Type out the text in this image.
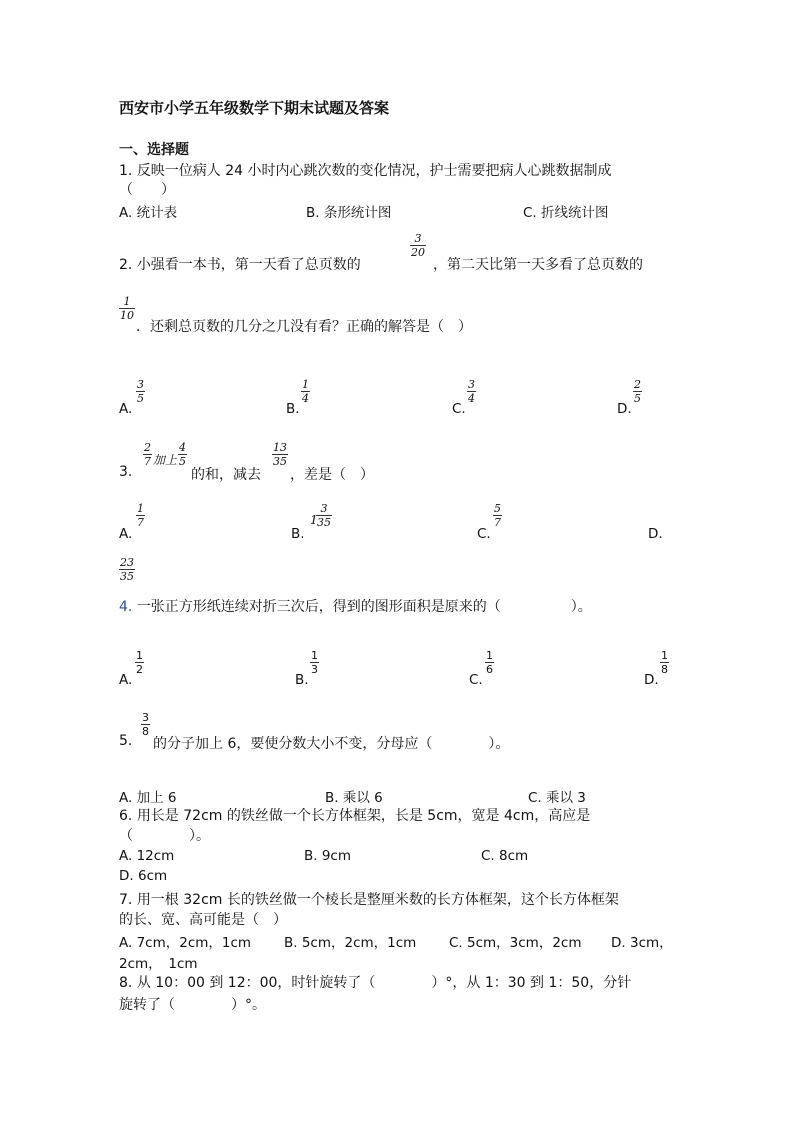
西安市小学五年级数学下期末试题及答案
一、选择题
1. 反映一位病人 24 小时内心跳次数的变化情况，护士需要把病人心跳数据制成
（　　）
A. 统计表	B. 条形统计图	C. 折线统计图
2. 小强看一本书，第一天看了总页数的
$\frac{3}{20}$
，第二天比第一天多看了总页数的
$\frac{1}{10}$
．还剩总页数的几分之几没有看？正确的解答是（　）
A.
$\frac{3}{5}$
B.
$\frac{1}{4}$
C.
$\frac{3}{4}$
D.
$\frac{2}{5}$
3.
$\frac{2}{7}$ 加上 $\frac{4}{5}$
的和，减去
$\frac{13}{35}$
，差是（　）
A.
$\frac{1}{7}$
B.
1
$\frac{3}{35}$
C.
$\frac{5}{7}$
D.
$\frac{23}{35}$
4. 一张正方形纸连续对折三次后，得到的图形面积是原来的（　　　　　）。
A.
$\frac{1}{2}$
B.
$\frac{1}{3}$
C.
$\frac{1}{6}$
D.
$\frac{1}{8}$
5.
$\frac{3}{8}$
的分子加上 6，要使分数大小不变，分母应（　　　　）。
A. 加上 6	B. 乘以 6	C. 乘以 3
6. 用长是 72cm 的铁丝做一个长方体框架，长是 5cm，宽是 4cm，高应是
（　　　　）。
A. 12cm	B. 9cm	C. 8cm
D. 6cm
7. 用一根 32cm 长的铁丝做一个棱长是整厘米数的长方体框架，这个长方体框架
的长、宽、高可能是（　）
A. 7cm，2cm，1cm B. 5cm，2cm，1cm C. 5cm，3cm，2cm D. 3cm，
2cm，　1cm
8. 从 10：00 到 12：00，时针旋转了（　　　　）°，从 1：30 到 1：50，分针
旋转了（　　　　）°。
